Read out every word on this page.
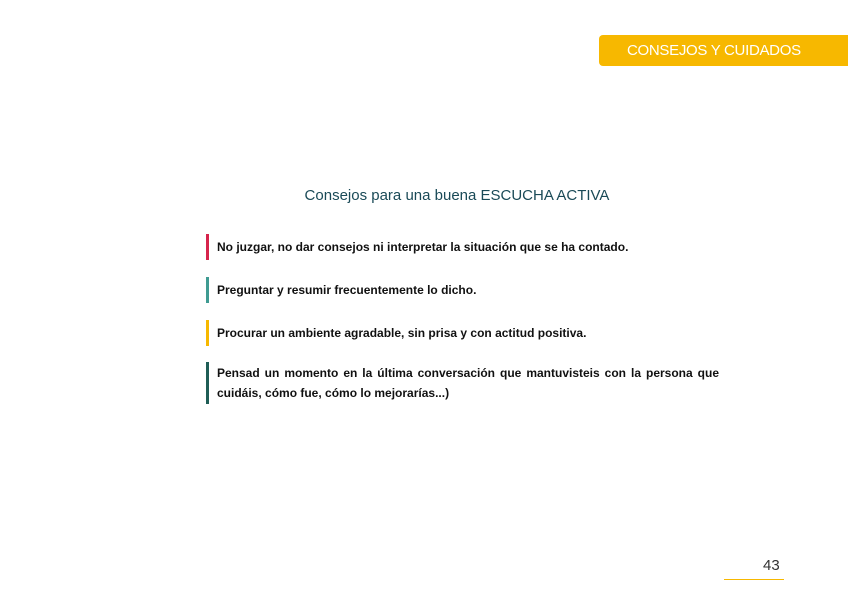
CONSEJOS Y CUIDADOS
Consejos para una buena ESCUCHA ACTIVA
No juzgar, no dar consejos ni interpretar la situación que se ha contado.
Preguntar y resumir frecuentemente lo dicho.
Procurar un ambiente agradable, sin prisa y con actitud positiva.
Pensad un momento en la última conversación que mantuvisteis con la persona que cuidáis, cómo fue, cómo lo mejorarías...)
43
